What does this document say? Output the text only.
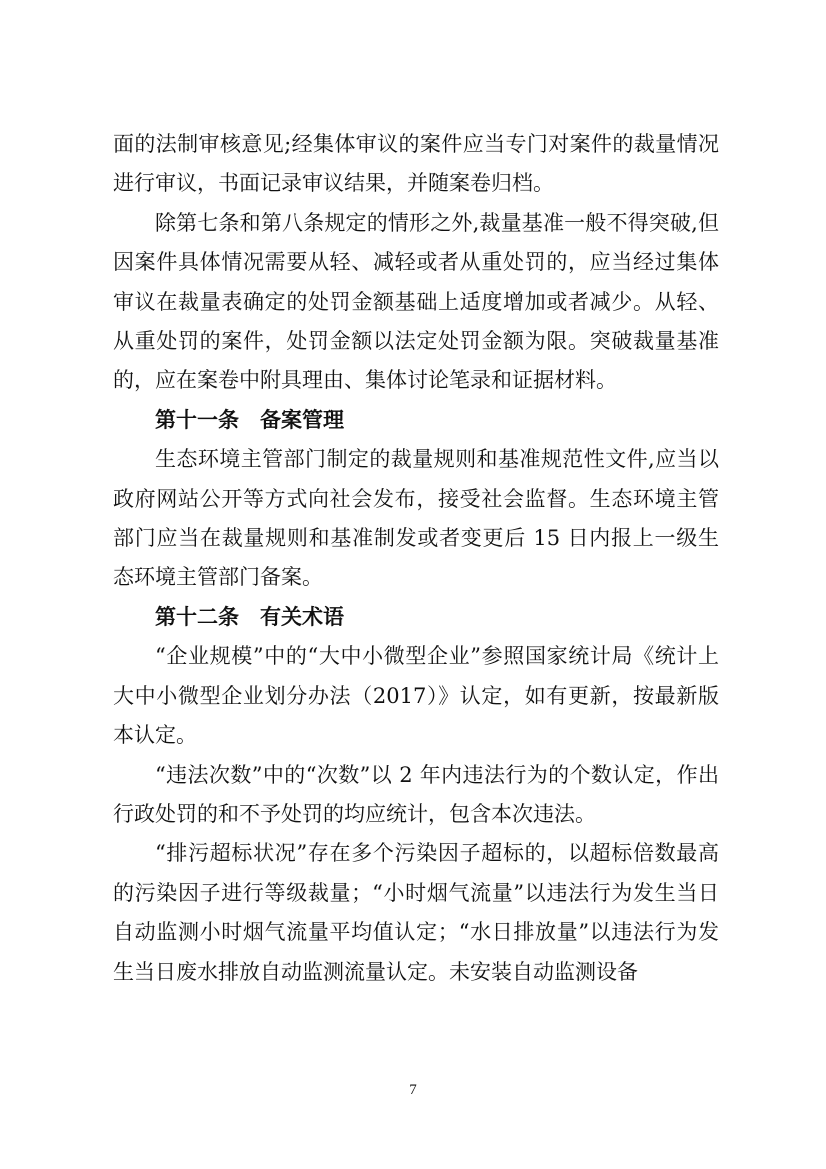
面的法制审核意见;经集体审议的案件应当专门对案件的裁量情况进行审议，书面记录审议结果，并随案卷归档。

除第七条和第八条规定的情形之外,裁量基准一般不得突破,但因案件具体情况需要从轻、减轻或者从重处罚的，应当经过集体审议在裁量表确定的处罚金额基础上适度增加或者减少。从轻、从重处罚的案件，处罚金额以法定处罚金额为限。突破裁量基准的，应在案卷中附具理由、集体讨论笔录和证据材料。

第十一条 备案管理

生态环境主管部门制定的裁量规则和基准规范性文件,应当以政府网站公开等方式向社会发布，接受社会监督。生态环境主管部门应当在裁量规则和基准制发或者变更后 15 日内报上一级生态环境主管部门备案。

第十二条 有关术语

“企业规模”中的“大中小微型企业”参照国家统计局《统计上大中小微型企业划分办法（2017）》认定，如有更新，按最新版本认定。

“违法次数”中的“次数”以 2 年内违法行为的个数认定，作出行政处罚的和不予处罚的均应统计，包含本次违法。

“排污超标状况”存在多个污染因子超标的，以超标倍数最高的污染因子进行等级裁量；“小时烟气流量”以违法行为发生当日自动监测小时烟气流量平均值认定；“水日排放量”以违法行为发生当日废水排放自动监测流量认定。未安装自动监测设备

7
